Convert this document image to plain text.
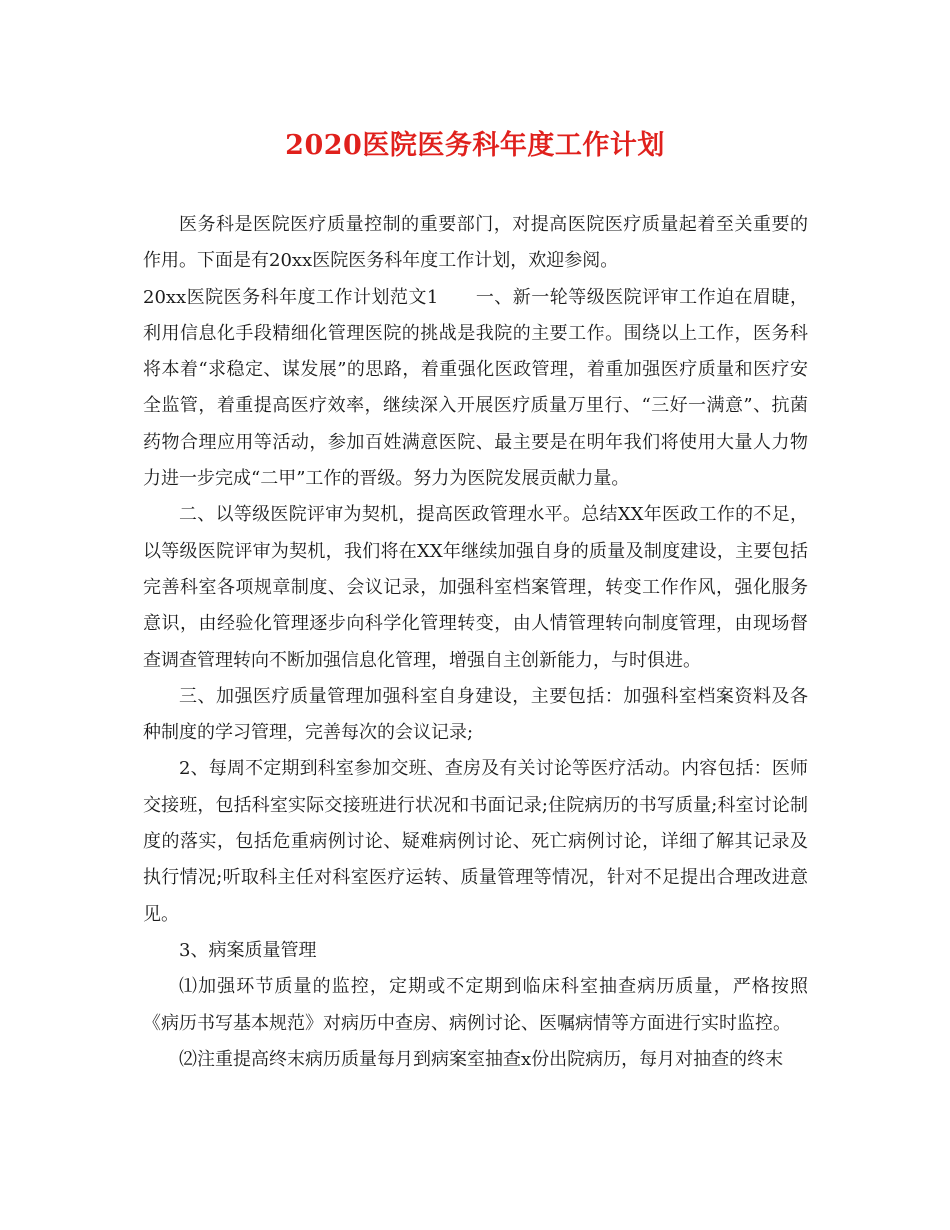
2020医院医务科年度工作计划

医务科是医院医疗质量控制的重要部门，对提高医院医疗质量起着至关重要的作用。下面是有20xx医院医务科年度工作计划，欢迎参阅。

20xx医院医务科年度工作计划范文1　　一、新一轮等级医院评审工作迫在眉睫，利用信息化手段精细化管理医院的挑战是我院的主要工作。围绕以上工作，医务科将本着“求稳定、谋发展”的思路，着重强化医政管理，着重加强医疗质量和医疗安全监管，着重提高医疗效率，继续深入开展医疗质量万里行、“三好一满意”、抗菌药物合理应用等活动，参加百姓满意医院、最主要是在明年我们将使用大量人力物力进一步完成“二甲”工作的晋级。努力为医院发展贡献力量。

二、以等级医院评审为契机，提高医政管理水平。总结XX年医政工作的不足，以等级医院评审为契机，我们将在XX年继续加强自身的质量及制度建设，主要包括完善科室各项规章制度、会议记录，加强科室档案管理，转变工作作风，强化服务意识，由经验化管理逐步向科学化管理转变，由人情管理转向制度管理，由现场督查调查管理转向不断加强信息化管理，增强自主创新能力，与时俱进。

三、加强医疗质量管理加强科室自身建设，主要包括：加强科室档案资料及各种制度的学习管理，完善每次的会议记录;

2、每周不定期到科室参加交班、查房及有关讨论等医疗活动。内容包括：医师交接班，包括科室实际交接班进行状况和书面记录;住院病历的书写质量;科室讨论制度的落实，包括危重病例讨论、疑难病例讨论、死亡病例讨论，详细了解其记录及执行情况;听取科主任对科室医疗运转、质量管理等情况，针对不足提出合理改进意见。

3、病案质量管理

⑴加强环节质量的监控，定期或不定期到临床科室抽查病历质量，严格按照《病历书写基本规范》对病历中查房、病例讨论、医嘱病情等方面进行实时监控。

⑵注重提高终末病历质量每月到病案室抽查x份出院病历，每月对抽查的终末
